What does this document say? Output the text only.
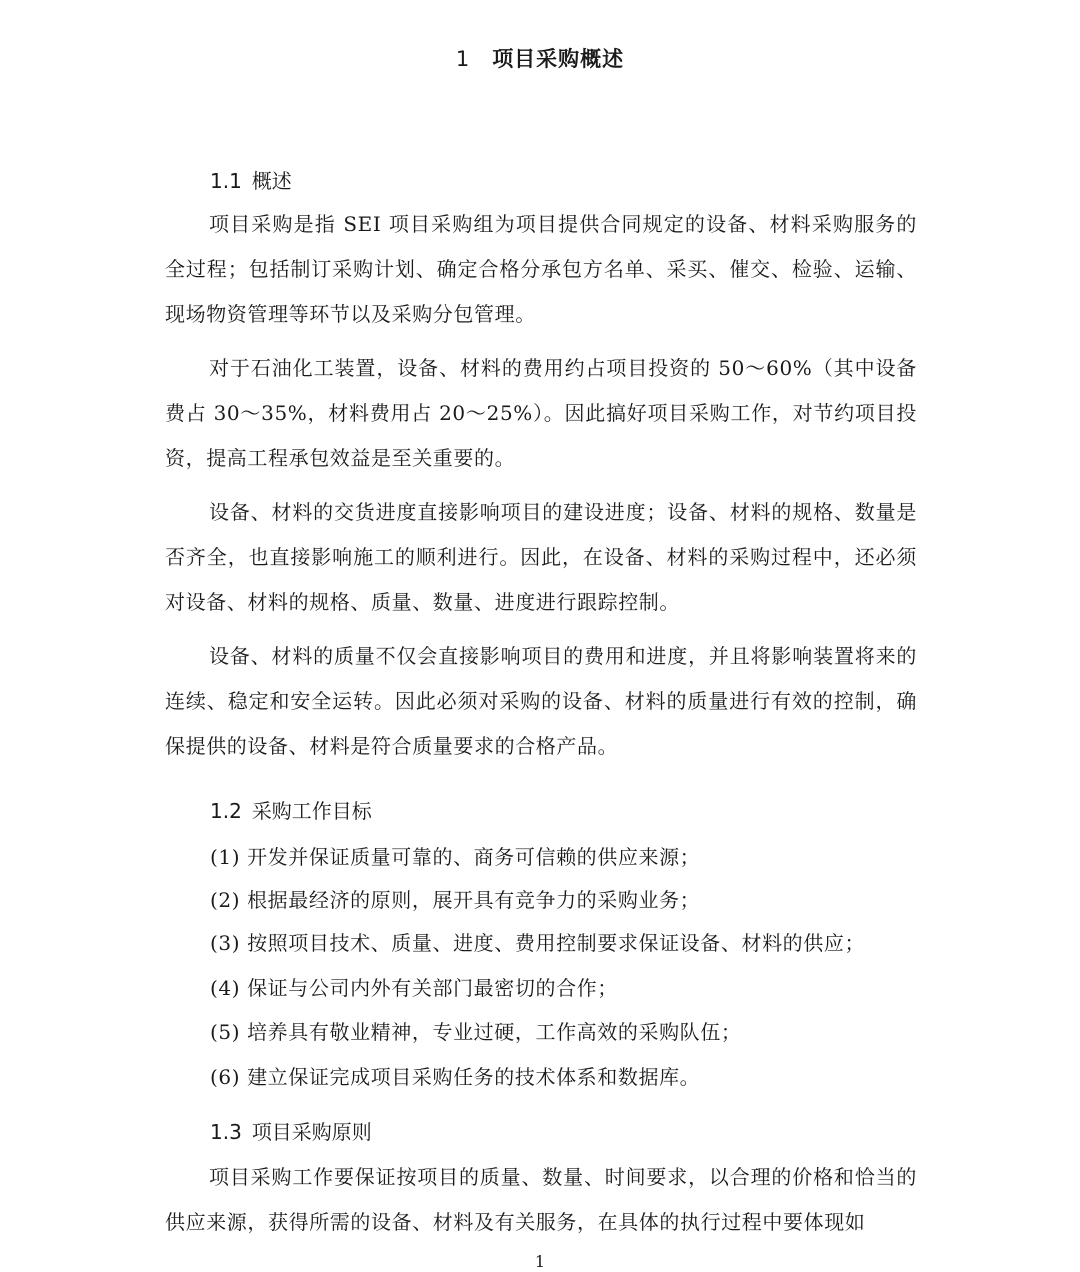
1 项目采购概述
1.1 概述
项目采购是指 SEI 项目采购组为项目提供合同规定的设备、材料采购服务的全过程；包括制订采购计划、确定合格分承包方名单、采买、催交、检验、运输、现场物资管理等环节以及采购分包管理。
对于石油化工装置，设备、材料的费用约占项目投资的 50～60%（其中设备费占 30～35%，材料费用占 20～25%）。因此搞好项目采购工作，对节约项目投资，提高工程承包效益是至关重要的。
设备、材料的交货进度直接影响项目的建设进度；设备、材料的规格、数量是否齐全，也直接影响施工的顺利进行。因此，在设备、材料的采购过程中，还必须对设备、材料的规格、质量、数量、进度进行跟踪控制。
设备、材料的质量不仅会直接影响项目的费用和进度，并且将影响装置将来的连续、稳定和安全运转。因此必须对采购的设备、材料的质量进行有效的控制，确保提供的设备、材料是符合质量要求的合格产品。
1.2 采购工作目标
(1) 开发并保证质量可靠的、商务可信赖的供应来源；
(2) 根据最经济的原则，展开具有竞争力的采购业务；
(3) 按照项目技术、质量、进度、费用控制要求保证设备、材料的供应；
(4) 保证与公司内外有关部门最密切的合作；
(5) 培养具有敬业精神，专业过硬，工作高效的采购队伍；
(6) 建立保证完成项目采购任务的技术体系和数据库。
1.3 项目采购原则
项目采购工作要保证按项目的质量、数量、时间要求，以合理的价格和恰当的供应来源，获得所需的设备、材料及有关服务，在具体的执行过程中要体现如
1
